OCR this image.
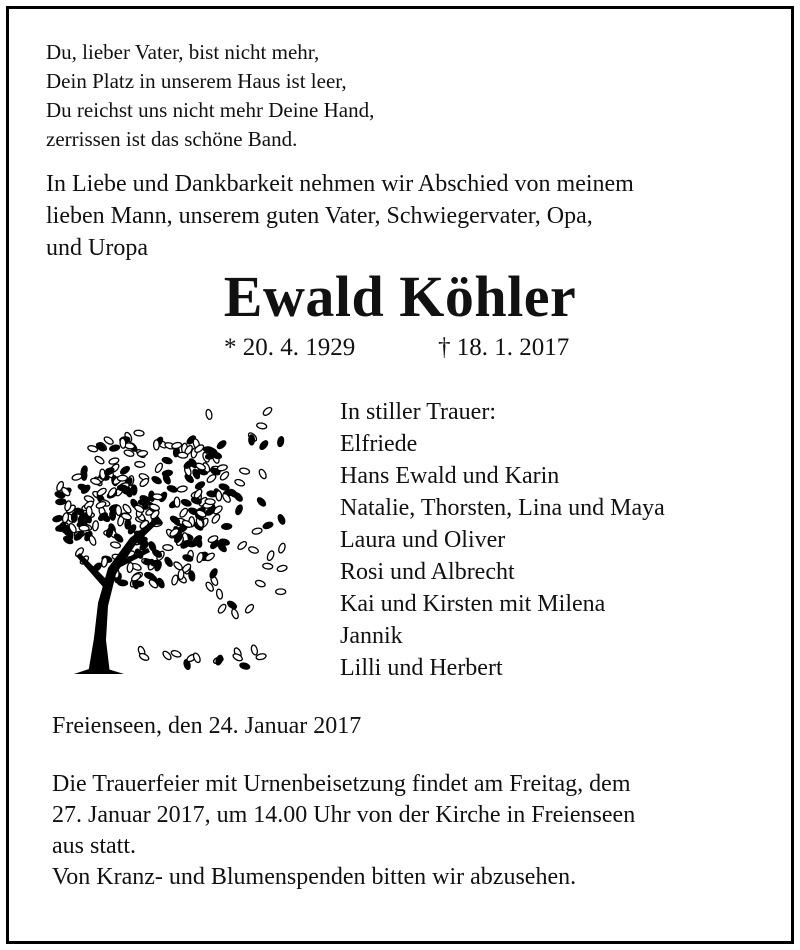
Du, lieber Vater, bist nicht mehr,
Dein Platz in unserem Haus ist leer,
Du reichst uns nicht mehr Deine Hand,
zerrissen ist das schöne Band.
In Liebe und Dankbarkeit nehmen wir Abschied von meinem
lieben Mann, unserem guten Vater, Schwiegervater, Opa,
und Uropa
Ewald Köhler
* 20. 4. 1929	† 18. 1. 2017
In stiller Trauer:
Elfriede
Hans Ewald und Karin
Natalie, Thorsten, Lina und Maya
Laura und Oliver
Rosi und Albrecht
Kai und Kirsten mit Milena
Jannik
Lilli und Herbert
Freienseen, den 24. Januar 2017
Die Trauerfeier mit Urnenbeisetzung findet am Freitag, dem
27. Januar 2017, um 14.00 Uhr von der Kirche in Freienseen
aus statt.
Von Kranz- und Blumenspenden bitten wir abzusehen.
